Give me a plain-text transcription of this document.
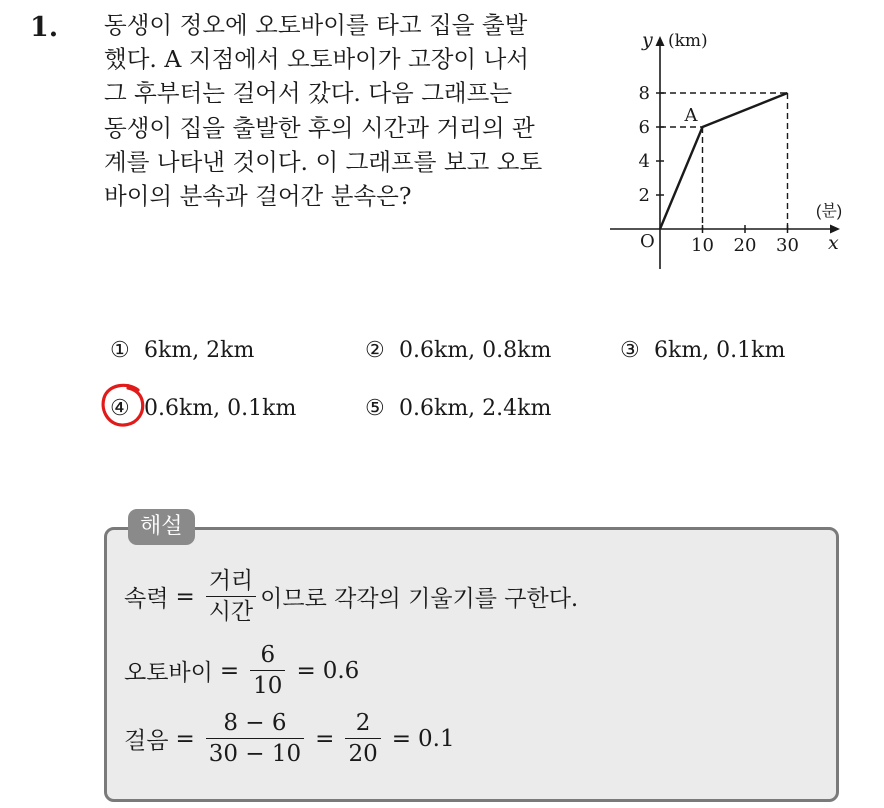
1. 동생이 정오에 오토바이를 타고 집을 출발
했다. A 지점에서 오토바이가 고장이 나서
그 후부터는 걸어서 갔다. 다음 그래프는
동생이 집을 출발한 후의 시간과 거리의 관
계를 나타낸 것이다. 이 그래프를 보고 오토
바이의 분속과 걸어간 분속은?
y (km)
x
(분)
O
2
4
6
8
10 20 30
A
① 6km, 2km	② 0.6km, 0.8km	③ 6km, 0.1km
④ 0.6km, 0.1km	⑤ 0.6km, 2.4km
해설
속력 = $\frac{\text{거리}}{\text{시간}}$ 이므로 각각의 기울기를 구한다.
오토바이 = $\frac{6}{10} = 0.6$
걸음 = $\frac{8 - 6}{30 - 10} = \frac{2}{20} = 0.1$
